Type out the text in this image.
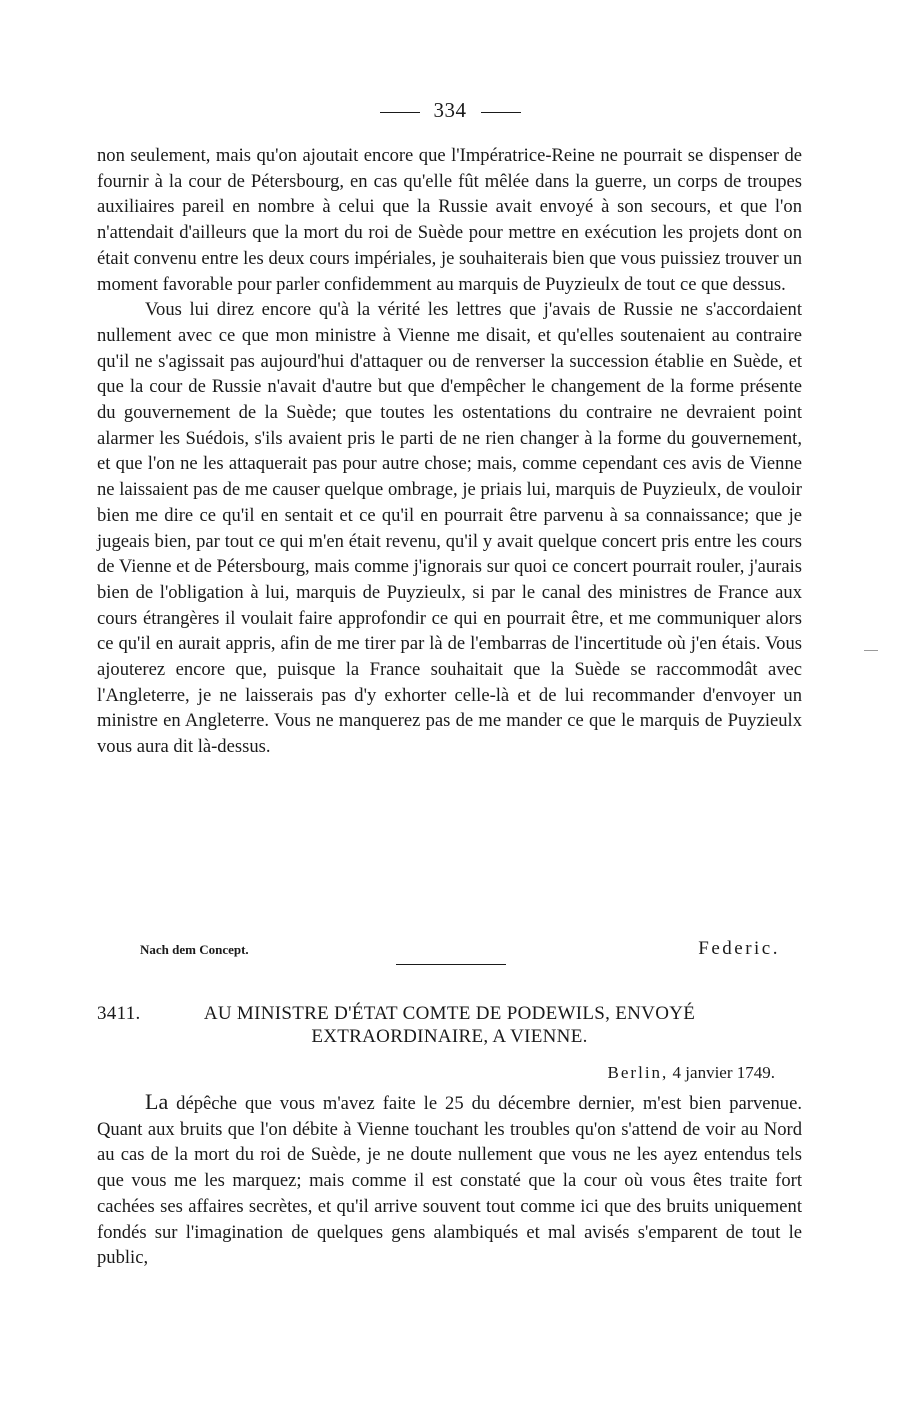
334

non seulement, mais qu'on ajoutait encore que l'Impératrice-Reine ne pourrait se dispenser de fournir à la cour de Pétersbourg, en cas qu'elle fût mêlée dans la guerre, un corps de troupes auxiliaires pareil en nombre à celui que la Russie avait envoyé à son secours, et que l'on n'attendait d'ailleurs que la mort du roi de Suède pour mettre en exécution les projets dont on était convenu entre les deux cours impériales, je souhaiterais bien que vous puissiez trouver un moment favorable pour parler confidemment au marquis de Puyzieulx de tout ce que dessus.

Vous lui direz encore qu'à la vérité les lettres que j'avais de Russie ne s'accordaient nullement avec ce que mon ministre à Vienne me disait, et qu'elles soutenaient au contraire qu'il ne s'agissait pas aujourd'hui d'attaquer ou de renverser la succession établie en Suède, et que la cour de Russie n'avait d'autre but que d'empêcher le changement de la forme présente du gouvernement de la Suède; que toutes les ostentations du contraire ne devraient point alarmer les Suédois, s'ils avaient pris le parti de ne rien changer à la forme du gouvernement, et que l'on ne les attaquerait pas pour autre chose; mais, comme cependant ces avis de Vienne ne laissaient pas de me causer quelque ombrage, je priais lui, marquis de Puyzieulx, de vouloir bien me dire ce qu'il en sentait et ce qu'il en pourrait être parvenu à sa connaissance; que je jugeais bien, par tout ce qui m'en était revenu, qu'il y avait quelque concert pris entre les cours de Vienne et de Pétersbourg, mais comme j'ignorais sur quoi ce concert pourrait rouler, j'aurais bien de l'obligation à lui, marquis de Puyzieulx, si par le canal des ministres de France aux cours étrangères il voulait faire approfondir ce qui en pourrait être, et me communiquer alors ce qu'il en aurait appris, afin de me tirer par là de l'embarras de l'incertitude où j'en étais. Vous ajouterez encore que, puisque la France souhaitait que la Suède se raccommodât avec l'Angleterre, je ne laisserais pas d'y exhorter celle-là et de lui recommander d'envoyer un ministre en Angleterre. Vous ne manquerez pas de me mander ce que le marquis de Puyzieulx vous aura dit là-dessus.

Nach dem Concept.	Federic.
3411.	AU MINISTRE D'ÉTAT COMTE DE PODEWILS, ENVOYÉ
EXTRAORDINAIRE, A VIENNE.
Berlin, 4 janvier 1749.

La dépêche que vous m'avez faite le 25 du décembre dernier, m'est bien parvenue. Quant aux bruits que l'on débite à Vienne touchant les troubles qu'on s'attend de voir au Nord au cas de la mort du roi de Suède, je ne doute nullement que vous ne les ayez entendus tels que vous me les marquez; mais comme il est constaté que la cour où vous êtes traite fort cachées ses affaires secrètes, et qu'il arrive souvent tout comme ici que des bruits uniquement fondés sur l'imagination de quelques gens alambiqués et mal avisés s'emparent de tout le public,
